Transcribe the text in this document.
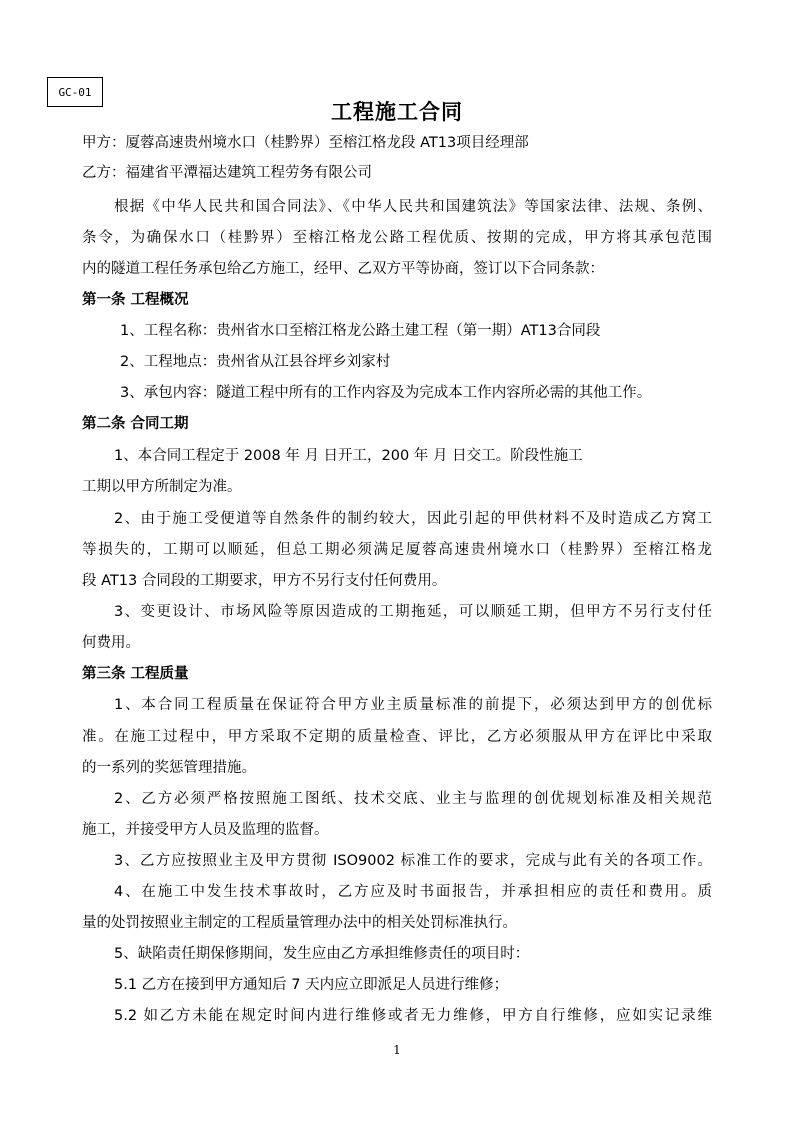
GC-01
工程施工合同
甲方：厦蓉高速贵州境水口（桂黔界）至榕江格龙段 AT13项目经理部
乙方：福建省平潭福达建筑工程劳务有限公司
根据《中华人民共和国合同法》、《中华人民共和国建筑法》等国家法律、法规、条例、
条令，为确保水口（桂黔界）至榕江格龙公路工程优质、按期的完成，甲方将其承包范围
内的隧道工程任务承包给乙方施工，经甲、乙双方平等协商，签订以下合同条款：
第一条 工程概况
1、工程名称：贵州省水口至榕江格龙公路土建工程（第一期）AT13合同段
2、工程地点：贵州省从江县谷坪乡刘家村
3、承包内容：隧道工程中所有的工作内容及为完成本工作内容所必需的其他工作。
第二条 合同工期
1、本合同工程定于 2008 年 月 日开工，200 年 月 日交工。阶段性施工
工期以甲方所制定为准。
2、由于施工受便道等自然条件的制约较大，因此引起的甲供材料不及时造成乙方窝工
等损失的，工期可以顺延，但总工期必须满足厦蓉高速贵州境水口（桂黔界）至榕江格龙
段 AT13 合同段的工期要求，甲方不另行支付任何费用。
3、变更设计、市场风险等原因造成的工期拖延，可以顺延工期，但甲方不另行支付任
何费用。
第三条 工程质量
1、本合同工程质量在保证符合甲方业主质量标准的前提下，必须达到甲方的创优标
准。在施工过程中，甲方采取不定期的质量检查、评比，乙方必须服从甲方在评比中采取
的一系列的奖惩管理措施。
2、乙方必须严格按照施工图纸、技术交底、业主与监理的创优规划标准及相关规范
施工，并接受甲方人员及监理的监督。
3、乙方应按照业主及甲方贯彻 ISO9002 标准工作的要求，完成与此有关的各项工作。
4、在施工中发生技术事故时，乙方应及时书面报告，并承担相应的责任和费用。质
量的处罚按照业主制定的工程质量管理办法中的相关处罚标准执行。
5、缺陷责任期保修期间，发生应由乙方承担维修责任的项目时：
5.1 乙方在接到甲方通知后 7 天内应立即派足人员进行维修；
5.2 如乙方未能在规定时间内进行维修或者无力维修，甲方自行维修，应如实记录维
1
